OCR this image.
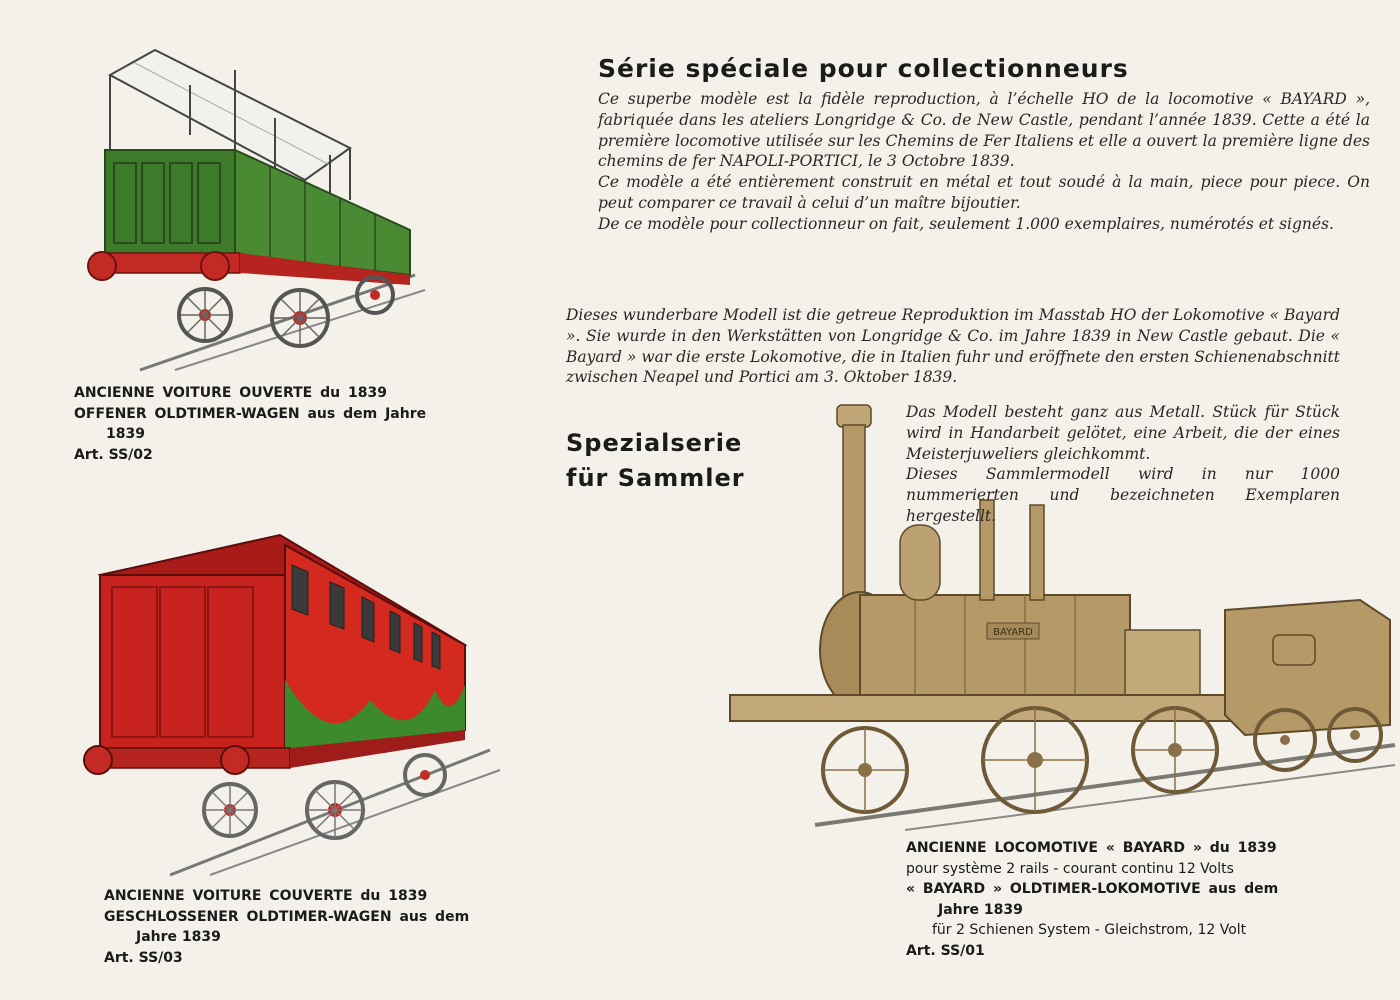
BAYARD
Série spéciale pour collectionneurs

Ce superbe modèle est la fidèle reproduction, à l’échelle HO de la locomotive « BAYARD », fabriquée dans les ateliers Longridge & Co. de New Castle, pendant l’année 1839. Cette a été la première locomotive utilisée sur les Chemins de Fer Italiens et elle a ouvert la première ligne des chemins de fer NAPOLI-PORTICI, le 3 Octobre 1839.

Ce modèle a été entièrement construit en métal et tout soudé à la main, piece pour piece. On peut comparer ce travail à celui d’un maître bijoutier.

De ce modèle pour collectionneur on fait, seulement 1.000 exemplaires, numérotés et signés.

Dieses wunderbare Modell ist die getreue Reproduktion im Masstab HO der Lokomotive « Bayard ». Sie wurde in den Werkstätten von Longridge & Co. im Jahre 1839 in New Castle gebaut. Die « Bayard » war die erste Lokomotive, die in Italien fuhr und eröffnete den ersten Schienenabschnitt zwischen Neapel und Portici am 3. Oktober 1839.
Spezialserie
für Sammler

Das Modell besteht ganz aus Metall. Stück für Stück wird in Handarbeit gelötet, eine Arbeit, die der eines Meisterjuweliers gleichkommt.

Dieses Sammlermodell wird in nur 1000 nummerierten und bezeichneten Exemplaren hergestellt.

ANCIENNE VOITURE OUVERTE du 1839
OFFENER OLDTIMER-WAGEN aus dem Jahre
1839
Art. SS/02
ANCIENNE VOITURE COUVERTE du 1839
GESCHLOSSENER OLDTIMER-WAGEN aus dem
Jahre 1839
Art. SS/03
ANCIENNE LOCOMOTIVE « BAYARD » du 1839
pour système 2 rails - courant continu 12 Volts
« BAYARD » OLDTIMER-LOKOMOTIVE aus dem
Jahre 1839
für 2 Schienen System - Gleichstrom, 12 Volt
Art. SS/01
